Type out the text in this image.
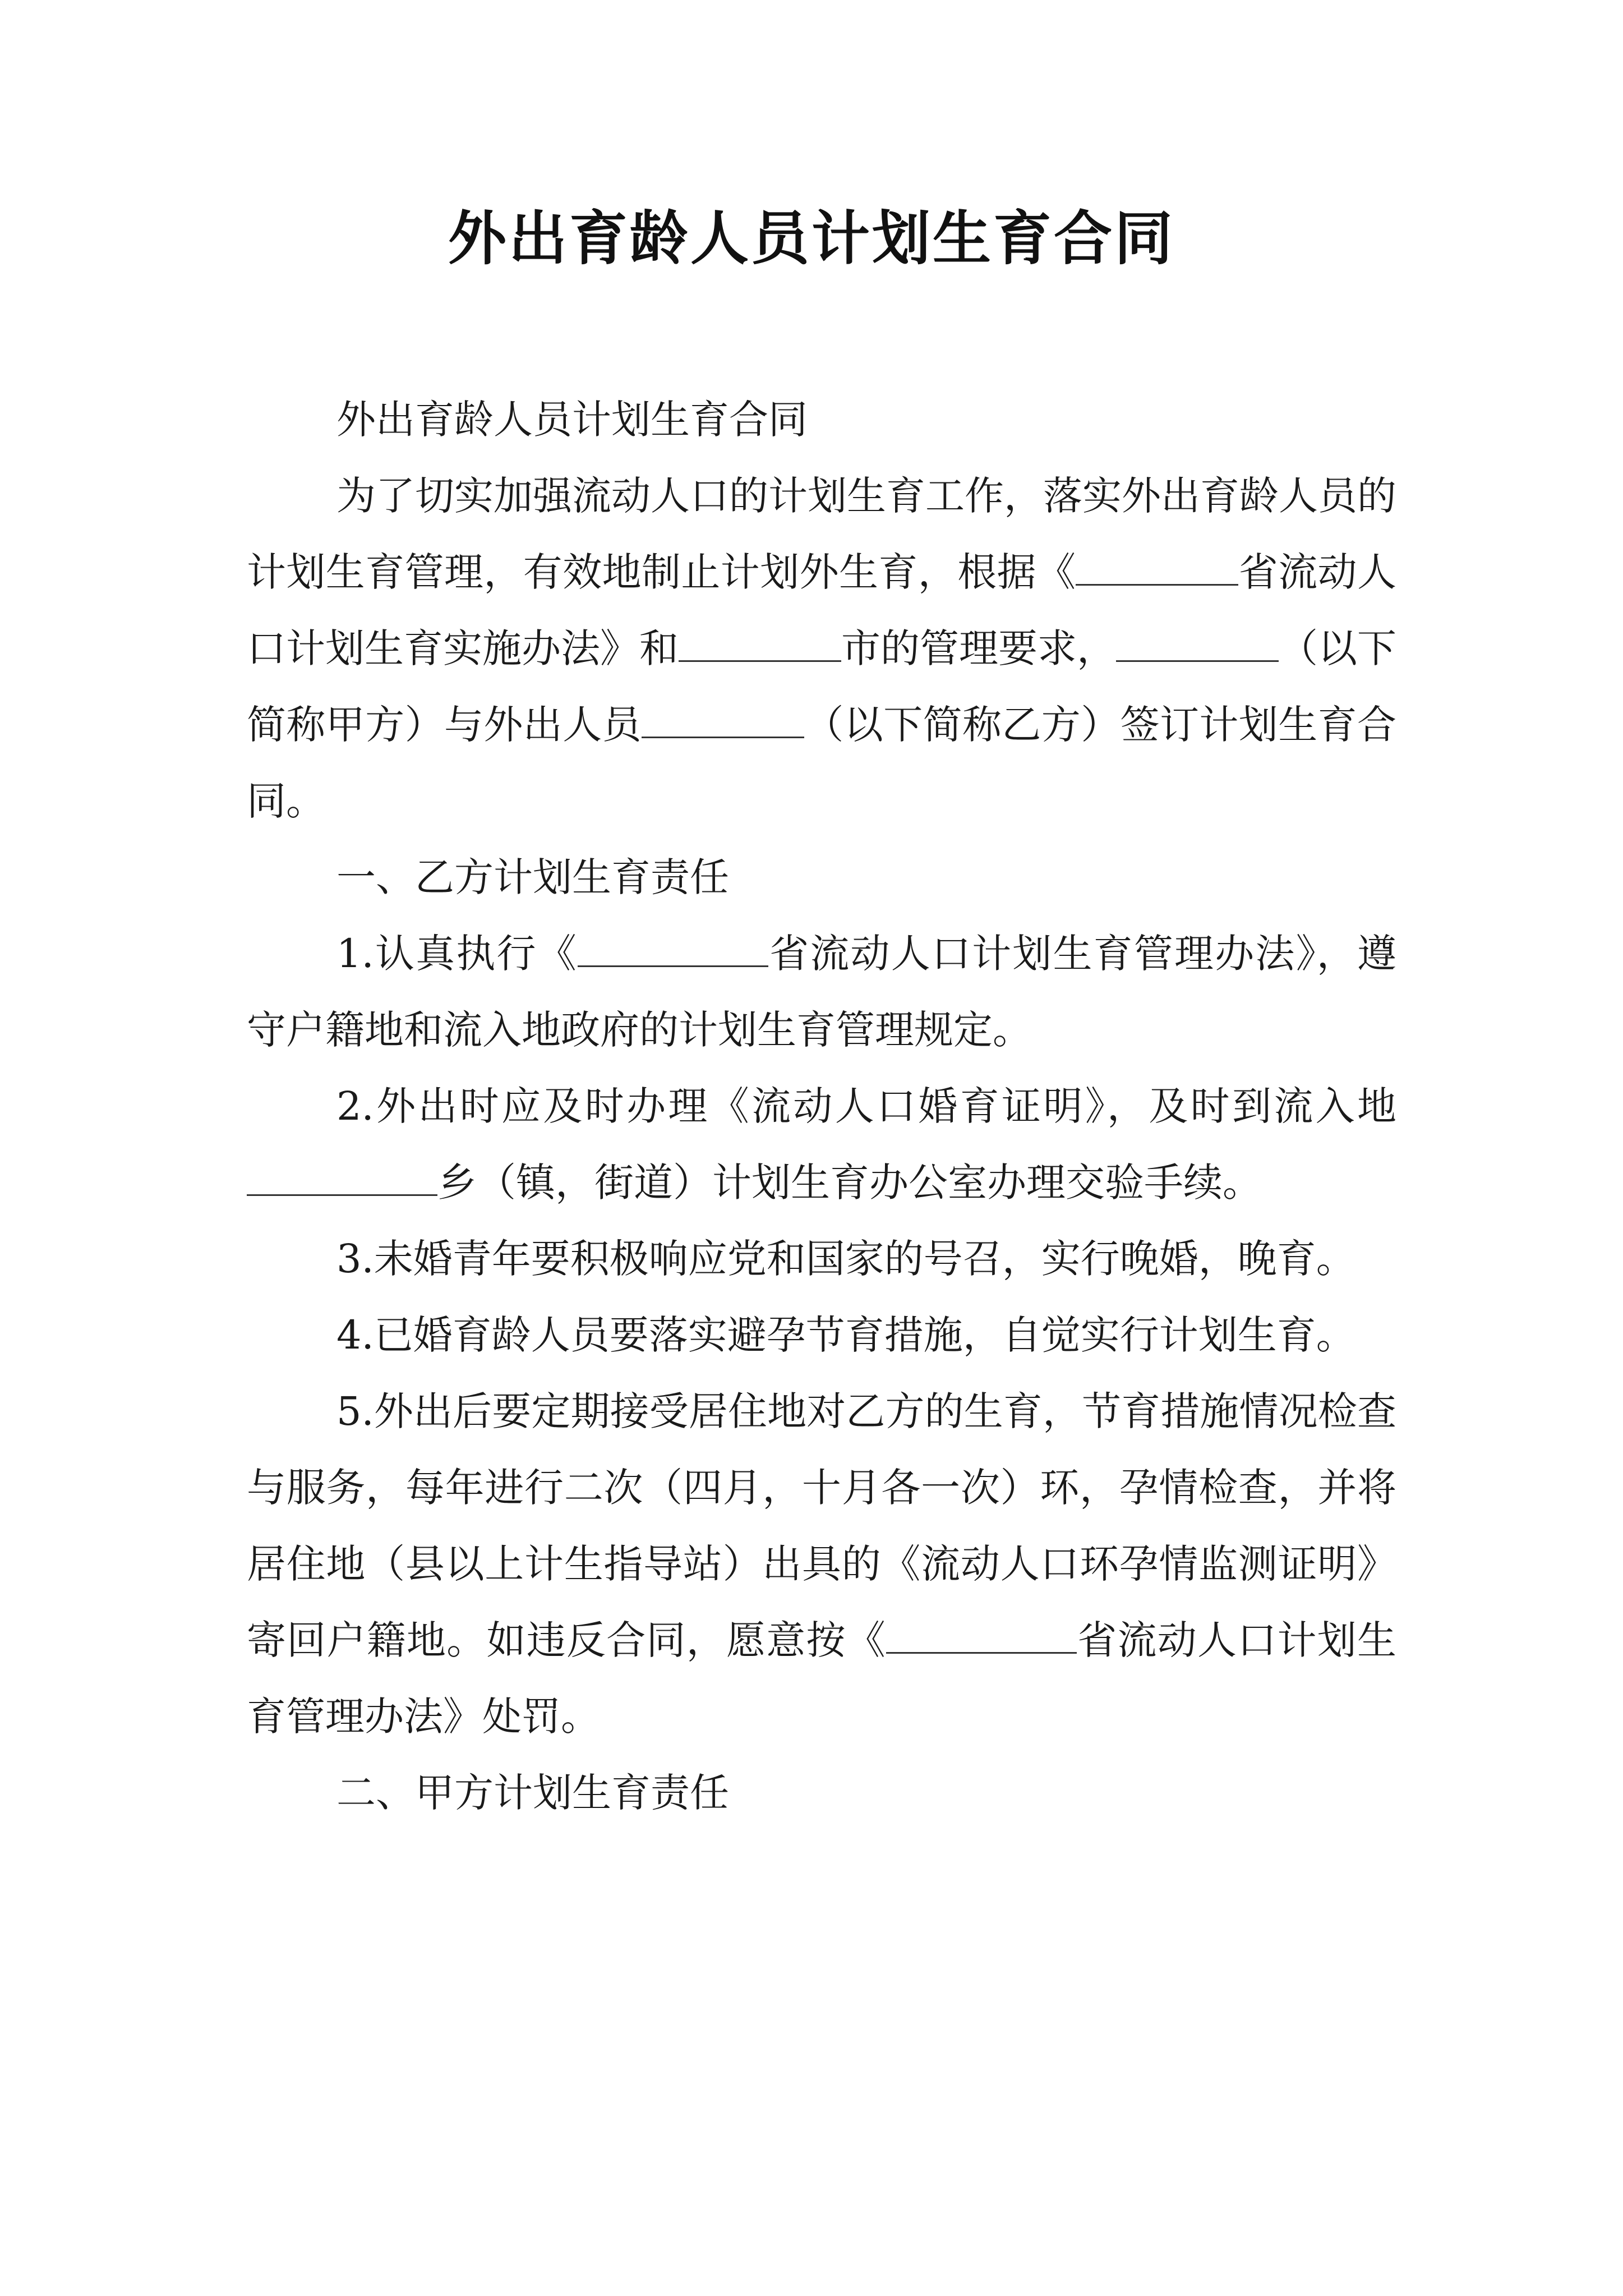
外出育龄人员计划生育合同

外出育龄人员计划生育合同

为了切实加强流动人口的计划生育工作，落实外出育龄人员的计划生育管理，有效地制止计划外生育，根据《	省流动人口计划生育实施办法》和	市的管理要求，	（以下简称甲方）与外出人员	（以下简称乙方）签订计划生育合同。

一、乙方计划生育责任

1.认真执行《	省流动人口计划生育管理办法》，遵守户籍地和流入地政府的计划生育管理规定。

2.外出时应及时办理《流动人口婚育证明》，及时到流入地乡（镇，街道）计划生育办公室办理交验手续。

3.未婚青年要积极响应党和国家的号召，实行晚婚，晚育。

4.已婚育龄人员要落实避孕节育措施，自觉实行计划生育。

5.外出后要定期接受居住地对乙方的生育，节育措施情况检查与服务，每年进行二次（四月，十月各一次）环，孕情检查，并将居住地（县以上计生指导站）出具的《流动人口环孕情监测证明》寄回户籍地。如违反合同，愿意按《	省流动人口计划生育管理办法》处罚。

二、甲方计划生育责任
